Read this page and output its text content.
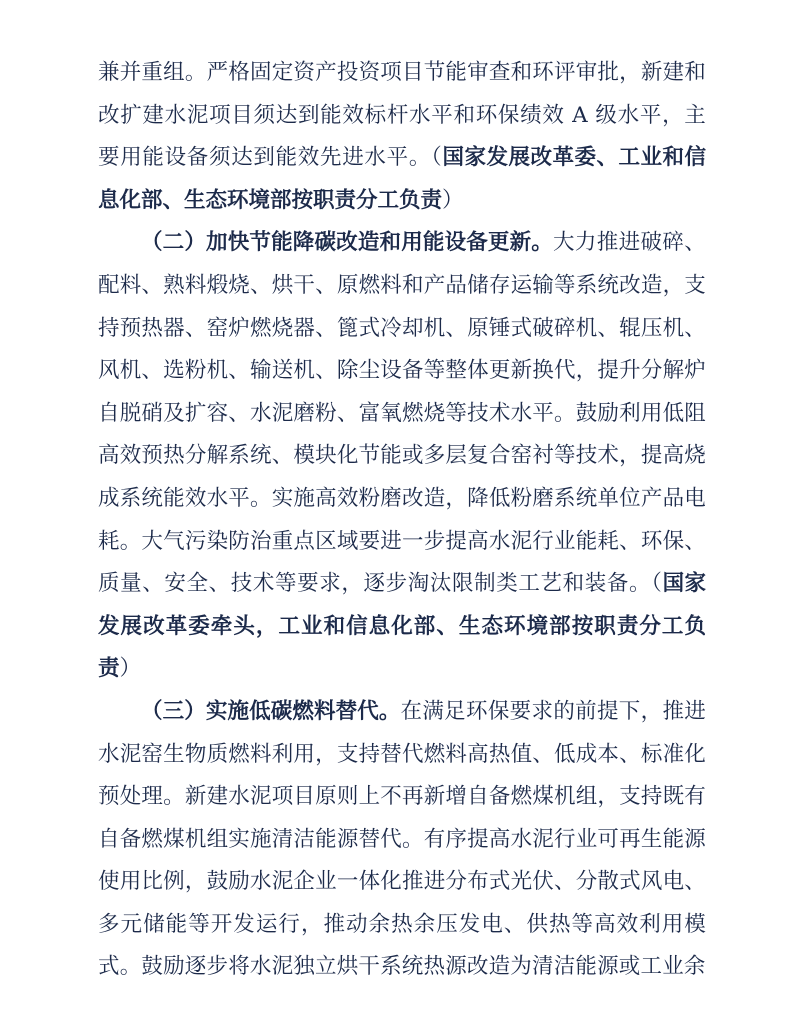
兼并重组。严格固定资产投资项目节能审查和环评审批，新建和改扩建水泥项目须达到能效标杆水平和环保绩效 A 级水平，主要用能设备须达到能效先进水平。（国家发展改革委、工业和信息化部、生态环境部按职责分工负责）

（二）加快节能降碳改造和用能设备更新。大力推进破碎、配料、熟料煅烧、烘干、原燃料和产品储存运输等系统改造，支持预热器、窑炉燃烧器、篦式冷却机、原锤式破碎机、辊压机、风机、选粉机、输送机、除尘设备等整体更新换代，提升分解炉自脱硝及扩容、水泥磨粉、富氧燃烧等技术水平。鼓励利用低阻高效预热分解系统、模块化节能或多层复合窑衬等技术，提高烧成系统能效水平。实施高效粉磨改造，降低粉磨系统单位产品电耗。大气污染防治重点区域要进一步提高水泥行业能耗、环保、质量、安全、技术等要求，逐步淘汰限制类工艺和装备。（国家发展改革委牵头，工业和信息化部、生态环境部按职责分工负责）

（三）实施低碳燃料替代。在满足环保要求的前提下，推进水泥窑生物质燃料利用，支持替代燃料高热值、低成本、标准化预处理。新建水泥项目原则上不再新增自备燃煤机组，支持既有自备燃煤机组实施清洁能源替代。有序提高水泥行业可再生能源使用比例，鼓励水泥企业一体化推进分布式光伏、分散式风电、多元储能等开发运行，推动余热余压发电、供热等高效利用模式。鼓励逐步将水泥独立烘干系统热源改造为清洁能源或工业余
